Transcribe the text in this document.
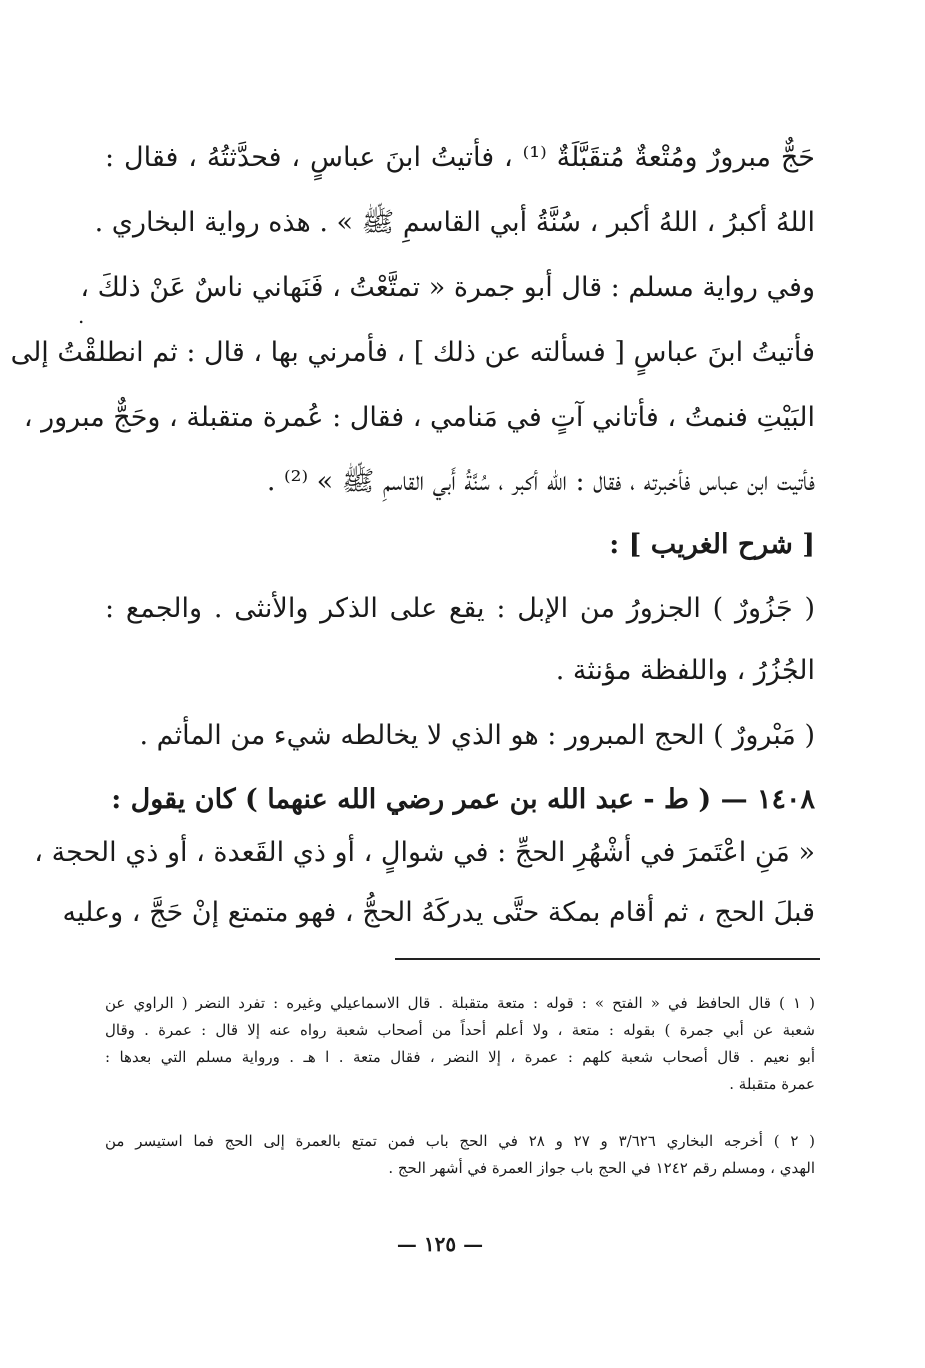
حَجٌّ مبرورٌ ومُتْعةٌ مُتقَبَّلَةٌ ⁽¹⁾ ، فأتيتُ ابنَ عباسٍ ، فحدَّثتُهُ ، فقال :
اللهُ أكبرُ ، اللهُ أكبر ، سُنَّةُ أبي القاسمِ ﷺ » . هذه رواية البخاري .
وفي رواية مسلم : قال أبو جمرة « تمتَّعْتُ ، فَنَهاني ناسٌ عَنْ ذلكَ ،
.
فأتيتُ ابنَ عباسٍ [ فسألته عن ذلك ] ، فأمرني بها ، قال : ثم انطلقْتُ إلى
البَيْتِ فنمتُ ، فأتاني آتٍ في مَنامي ، فقال : عُمرة متقبلة ، وحَجٌّ مبرور ،
فأتيت ابن عباس فأخبرته ، فقال : الله أكبر ، سُنَّةُ أَبي القاسمِ ﷺ » ⁽²⁾ .
[ شرح الغريب ] :
( جَزُورٌ ) الجزورُ من الإبل : يقع على الذكر والأنثى . والجمع :
الجُزُرُ ، واللفظة مؤنثة .
( مَبْرورٌ ) الحج المبرور : هو الذي لا يخالطه شيء من المأثم .
١٤٠٨ — ( ط - عبد الله بن عمر رضي الله عنهما ) كان يقول :
« مَنِ اعْتَمرَ في أشْهُرِ الحجِّ : في شوالٍ ، أو ذي القَعدة ، أو ذي الحجة ،
قبلَ الحج ، ثم أقام بمكة حتَّى يدركَهُ الحجُّ ، فهو متمتع إنْ حَجَّ ، وعليه
( ١ ) قال الحافظ في « الفتح » : قوله : متعة متقبلة . قال الاسماعيلي وغيره : تفرد النضر ( الراوي عن
شعبة عن أبي جمرة ) بقوله : متعة ، ولا أعلم أحداً من أصحاب شعبة رواه عنه إلا قال : عمرة . وقال
أبو نعيم . قال أصحاب شعبة كلهم : عمرة ، إلا النضر ، فقال متعة . ا هـ . ورواية مسلم التي بعدها :
عمرة متقبلة .
( ٢ ) أخرجه البخاري ٣/٦٢٦ و ٢٧ و ٢٨ في الحج باب فمن تمتع بالعمرة إلى الحج فما استيسر من
الهدي ، ومسلم رقم ١٢٤٢ في الحج باب جواز العمرة في أشهر الحج .
— ١٢٥ —
